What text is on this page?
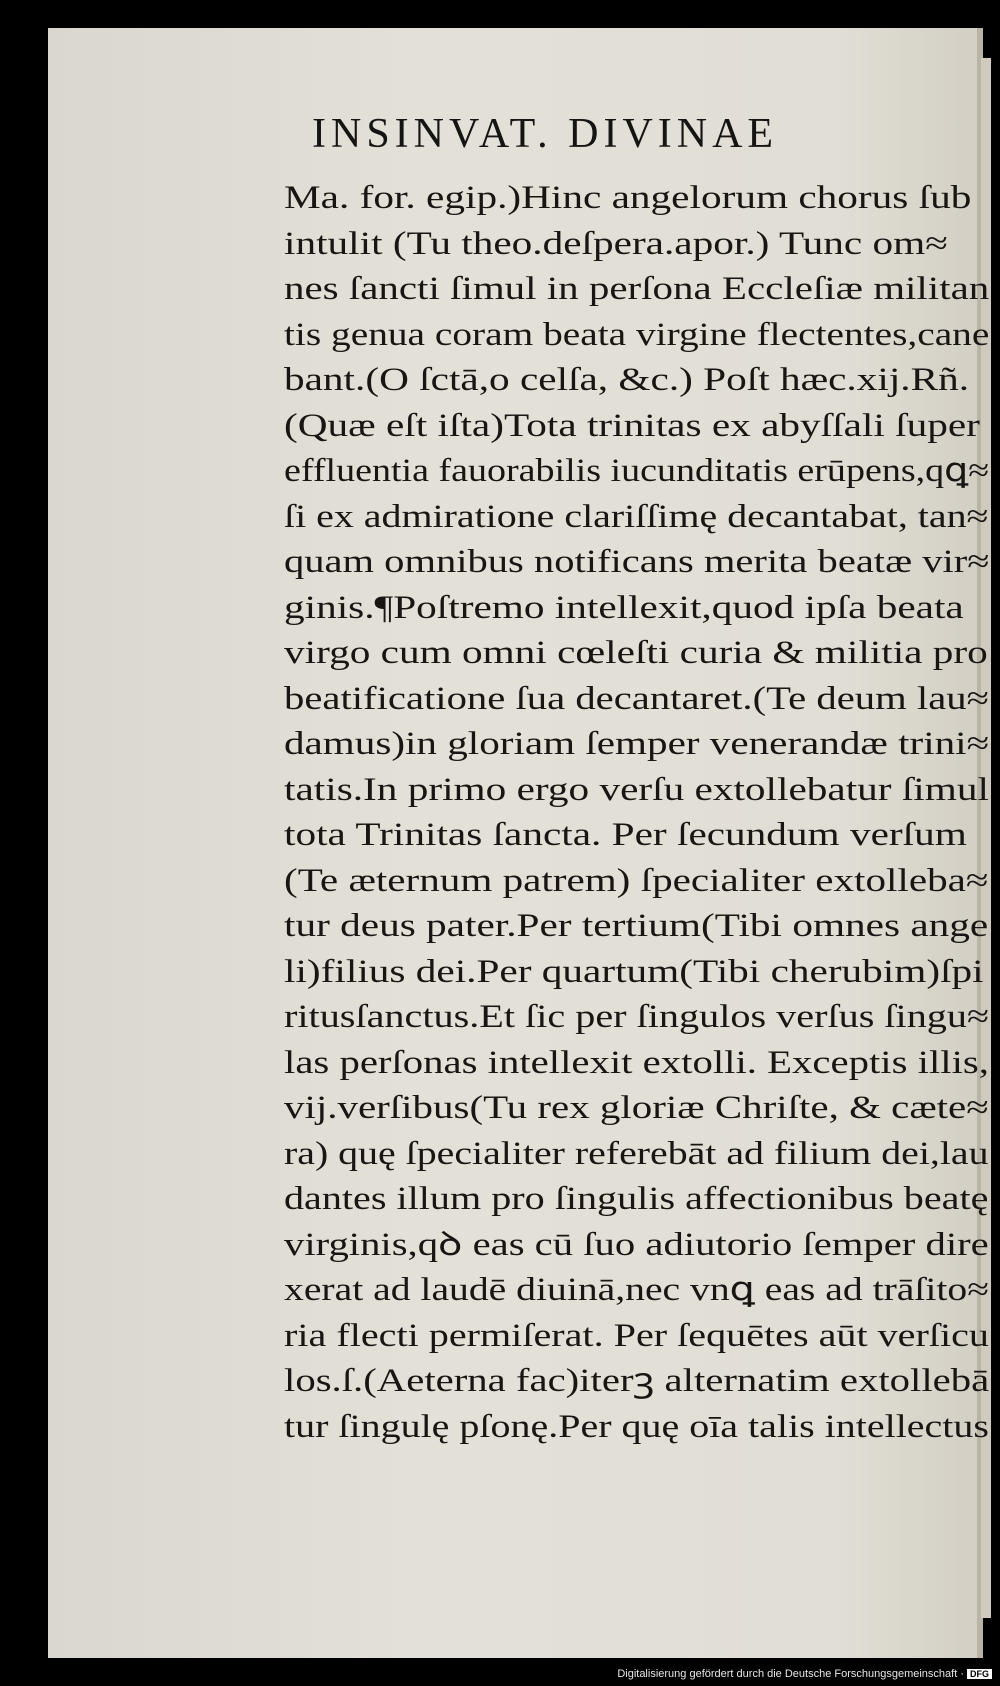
INSINVAT. DIVINAE
Ma. for. egip.)Hinc angelorum chorus ſub
intulit (Tu theo.deſpera.apor.) Tunc om≈
nes ſancti ſimul in perſona Eccleſiæ militan
tis genua coram beata virgine flectentes,cane
bant.(O ſctā,o celſa, &c.) Poſt hæc.xij.Rñ.
(Quæ eſt iſta)Tota trinitas ex abyſſali ſuper
effluentia fauorabilis iucunditatis erūpens,qꝗ≈
ſi ex admiratione clariſſimę decantabat, tan≈
quam omnibus notificans merita beatæ vir≈
ginis.¶Poſtremo intellexit,quod ipſa beata
virgo cum omni cœleſti curia & militia pro
beatificatione ſua decantaret.(Te deum lau≈
damus)in gloriam ſemper venerandæ trini≈
tatis.In primo ergo verſu extollebatur ſimul
tota Trinitas ſancta. Per ſecundum verſum
(Te æternum patrem) ſpecialiter extolleba≈
tur deus pater.Per tertium(Tibi omnes ange
li)filius dei.Per quartum(Tibi cherubim)ſpi
ritusſanctus.Et ſic per ſingulos verſus ſingu≈
las perſonas intellexit extolli. Exceptis illis,
vij.verſibus(Tu rex gloriæ Chriſte, & cæte≈
ra) quę ſpecialiter referebāt ad filium dei,lau
dantes illum pro ſingulis affectionibus beatę
virginis,qꝺ eas cū ſuo adiutorio ſemper dire
xerat ad laudē diuinā,nec vnꝗ eas ad trāſito≈
ria flecti permiſerat. Per ſequētes aūt verſicu
los.ſ.(Aeterna fac)iterꝫ alternatim extollebā
tur ſingulę pſonę.Per quę oīa talis intellectus
Digitalisierung gefördert durch die Deutsche Forschungsgemeinschaft · DFG
